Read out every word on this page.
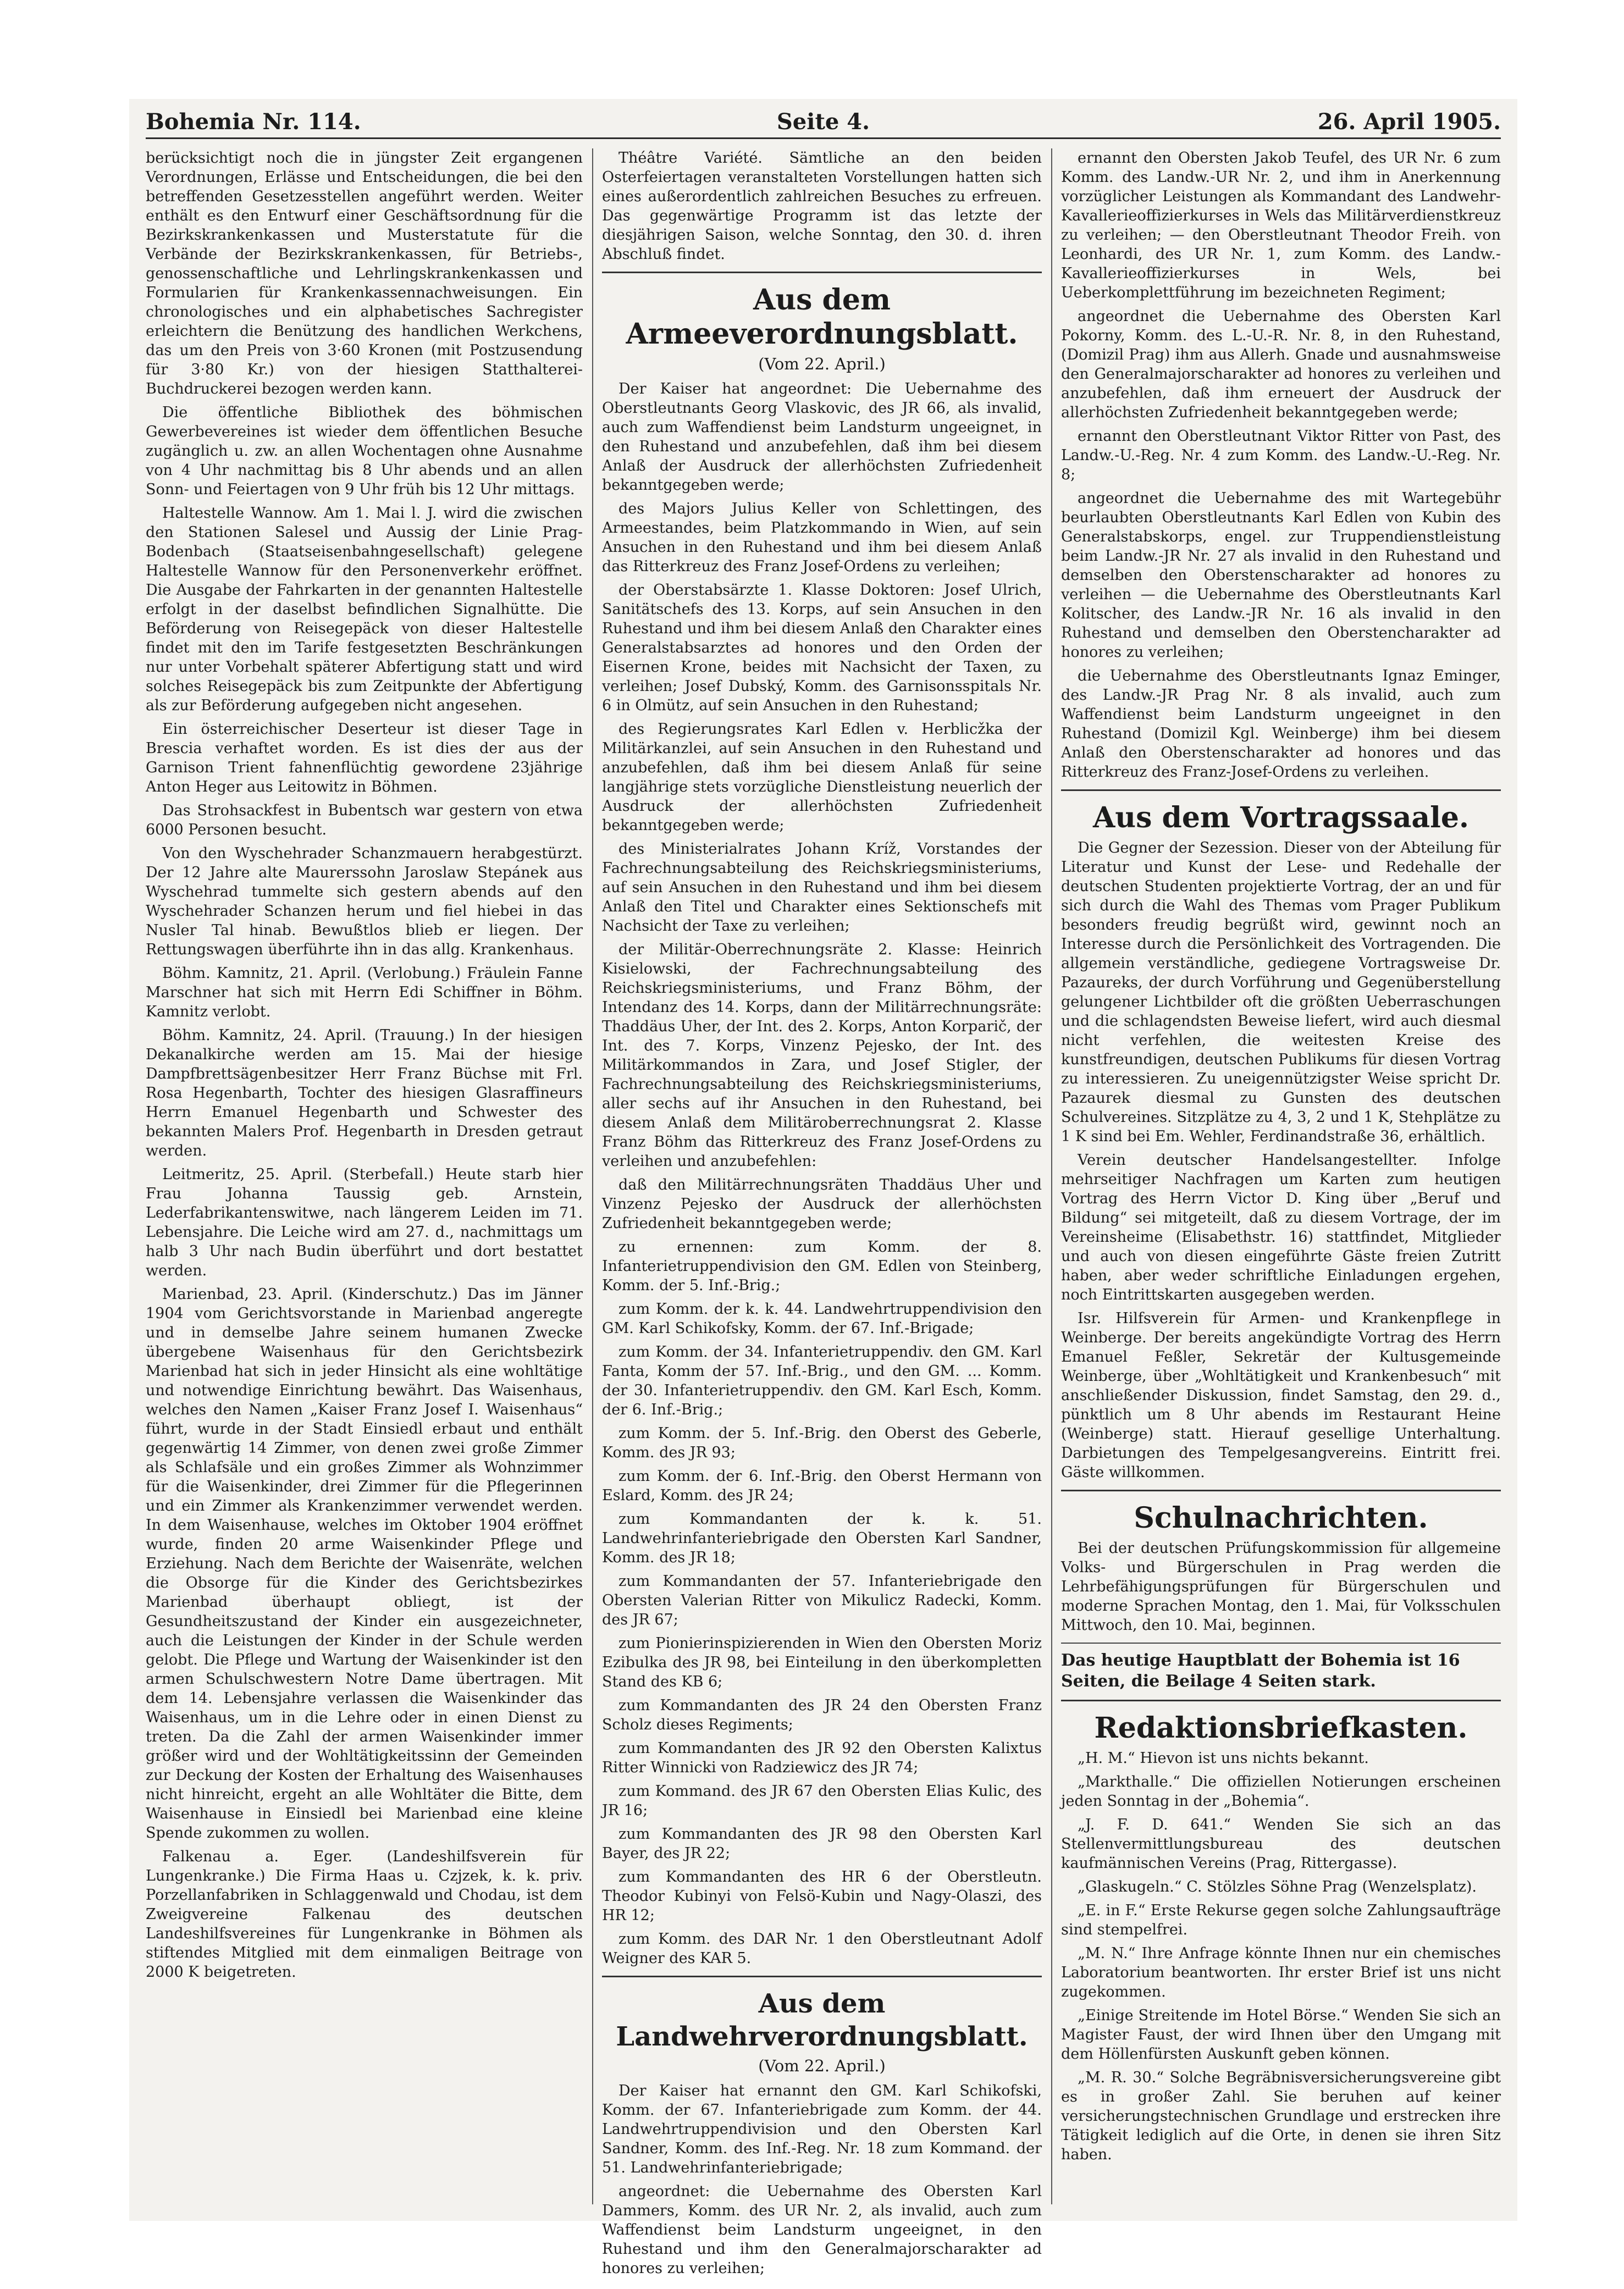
Bohemia Nr. 114.	Seite 4.	26. April 1905.

berücksichtigt noch die in jüngster Zeit ergangenen Verordnungen, Erlässe und Entscheidungen, die bei den betreffenden Gesetzesstellen angeführt werden. Weiter enthält es den Entwurf einer Geschäftsordnung für die Bezirkskrankenkassen und Musterstatute für die Verbände der Bezirkskrankenkassen, für Betriebs-, genossenschaftliche und Lehrlingskrankenkassen und Formularien für Krankenkassennachweisungen. Ein chronologisches und ein alphabetisches Sachregister erleichtern die Benützung des handlichen Werkchens, das um den Preis von 3·60 Kronen (mit Postzusendung für 3·80 Kr.) von der hiesigen Statthalterei-Buchdruckerei bezogen werden kann.

Die öffentliche Bibliothek des böhmischen Gewerbevereines ist wieder dem öffentlichen Besuche zugänglich u. zw. an allen Wochentagen ohne Ausnahme von 4 Uhr nachmittag bis 8 Uhr abends und an allen Sonn- und Feiertagen von 9 Uhr früh bis 12 Uhr mittags.

Haltestelle Wannow. Am 1. Mai l. J. wird die zwischen den Stationen Salesel und Aussig der Linie Prag-Bodenbach (Staatseisenbahngesellschaft) gelegene Haltestelle Wannow für den Personenverkehr eröffnet. Die Ausgabe der Fahrkarten in der genannten Haltestelle erfolgt in der daselbst befindlichen Signalhütte. Die Beförderung von Reisegepäck von dieser Haltestelle findet mit den im Tarife festgesetzten Beschränkungen nur unter Vorbehalt späterer Abfertigung statt und wird solches Reisegepäck bis zum Zeitpunkte der Abfertigung als zur Beförderung aufgegeben nicht angesehen.

Ein österreichischer Deserteur ist dieser Tage in Brescia verhaftet worden. Es ist dies der aus der Garnison Trient fahnenflüchtig gewordene 23jährige Anton Heger aus Leitowitz in Böhmen.

Das Strohsackfest in Bubentsch war gestern von etwa 6000 Personen besucht.

Von den Wyschehrader Schanzmauern herabgestürzt. Der 12 Jahre alte Maurerssohn Jaroslaw Stepánek aus Wyschehrad tummelte sich gestern abends auf den Wyschehrader Schanzen herum und fiel hiebei in das Nusler Tal hinab. Bewußtlos blieb er liegen. Der Rettungswagen überführte ihn in das allg. Krankenhaus.

Böhm. Kamnitz, 21. April. (Verlobung.) Fräulein Fanne Marschner hat sich mit Herrn Edi Schiffner in Böhm. Kamnitz verlobt.

Böhm. Kamnitz, 24. April. (Trauung.) In der hiesigen Dekanalkirche werden am 15. Mai der hiesige Dampfbrettsägenbesitzer Herr Franz Büchse mit Frl. Rosa Hegenbarth, Tochter des hiesigen Glasraffineurs Herrn Emanuel Hegenbarth und Schwester des bekannten Malers Prof. Hegenbarth in Dresden getraut werden.

Leitmeritz, 25. April. (Sterbefall.) Heute starb hier Frau Johanna Taussig geb. Arnstein, Lederfabrikantenswitwe, nach längerem Leiden im 71. Lebensjahre. Die Leiche wird am 27. d., nachmittags um halb 3 Uhr nach Budin überführt und dort bestattet werden.

Marienbad, 23. April. (Kinderschutz.) Das im Jänner 1904 vom Gerichtsvorstande in Marienbad angeregte und in demselbe Jahre seinem humanen Zwecke übergebene Waisenhaus für den Gerichtsbezirk Marienbad hat sich in jeder Hinsicht als eine wohltätige und notwendige Einrichtung bewährt. Das Waisenhaus, welches den Namen „Kaiser Franz Josef I. Waisenhaus“ führt, wurde in der Stadt Einsiedl erbaut und enthält gegenwärtig 14 Zimmer, von denen zwei große Zimmer als Schlafsäle und ein großes Zimmer als Wohnzimmer für die Waisenkinder, drei Zimmer für die Pflegerinnen und ein Zimmer als Krankenzimmer verwendet werden. In dem Waisenhause, welches im Oktober 1904 eröffnet wurde, finden 20 arme Waisenkinder Pflege und Erziehung. Nach dem Berichte der Waisenräte, welchen die Obsorge für die Kinder des Gerichtsbezirkes Marienbad überhaupt obliegt, ist der Gesundheitszustand der Kinder ein ausgezeichneter, auch die Leistungen der Kinder in der Schule werden gelobt. Die Pflege und Wartung der Waisenkinder ist den armen Schulschwestern Notre Dame übertragen. Mit dem 14. Lebensjahre verlassen die Waisenkinder das Waisenhaus, um in die Lehre oder in einen Dienst zu treten. Da die Zahl der armen Waisenkinder immer größer wird und der Wohltätigkeitssinn der Gemeinden zur Deckung der Kosten der Erhaltung des Waisenhauses nicht hinreicht, ergeht an alle Wohltäter die Bitte, dem Waisenhause in Einsiedl bei Marienbad eine kleine Spende zukommen zu wollen.

Falkenau a. Eger. (Landeshilfsverein für Lungenkranke.) Die Firma Haas u. Czjzek, k. k. priv. Porzellanfabriken in Schlaggenwald und Chodau, ist dem Zweigvereine Falkenau des deutschen Landeshilfsvereines für Lungenkranke in Böhmen als stiftendes Mitglied mit dem einmaligen Beitrage von 2000 K beigetreten.

Théâtre Variété. Sämtliche an den beiden Osterfeiertagen veranstalteten Vorstellungen hatten sich eines außerordentlich zahlreichen Besuches zu erfreuen. Das gegenwärtige Programm ist das letzte der diesjährigen Saison, welche Sonntag, den 30. d. ihren Abschluß findet.

Aus dem Armeeverordnungsblatt.
(Vom 22. April.)

Der Kaiser hat angeordnet: Die Uebernahme des Oberstleutnants Georg Vlaskovic, des JR 66, als invalid, auch zum Waffendienst beim Landsturm ungeeignet, in den Ruhestand und anzubefehlen, daß ihm bei diesem Anlaß der Ausdruck der allerhöchsten Zufriedenheit bekanntgegeben werde;

des Majors Julius Keller von Schlettingen, des Armeestandes, beim Platzkommando in Wien, auf sein Ansuchen in den Ruhestand und ihm bei diesem Anlaß das Ritterkreuz des Franz Josef-Ordens zu verleihen;

der Oberstabsärzte 1. Klasse Doktoren: Josef Ulrich, Sanitätschefs des 13. Korps, auf sein Ansuchen in den Ruhestand und ihm bei diesem Anlaß den Charakter eines Generalstabsarztes ad honores und den Orden der Eisernen Krone, beides mit Nachsicht der Taxen, zu verleihen; Josef Dubský, Komm. des Garnisonsspitals Nr. 6 in Olmütz, auf sein Ansuchen in den Ruhestand;

des Regierungsrates Karl Edlen v. Herblicžka der Militärkanzlei, auf sein Ansuchen in den Ruhestand und anzubefehlen, daß ihm bei diesem Anlaß für seine langjährige stets vorzügliche Dienstleistung neuerlich der Ausdruck der allerhöchsten Zufriedenheit bekanntgegeben werde;

des Ministerialrates Johann Kríž, Vorstandes der Fachrechnungsabteilung des Reichskriegsministeriums, auf sein Ansuchen in den Ruhestand und ihm bei diesem Anlaß den Titel und Charakter eines Sektionschefs mit Nachsicht der Taxe zu verleihen;

der Militär-Oberrechnungsräte 2. Klasse: Heinrich Kisielowski, der Fachrechnungsabteilung des Reichskriegsministeriums, und Franz Böhm, der Intendanz des 14. Korps, dann der Militärrechnungsräte: Thaddäus Uher, der Int. des 2. Korps, Anton Korparič, der Int. des 7. Korps, Vinzenz Pejesko, der Int. des Militärkommandos in Zara, und Josef Stigler, der Fachrechnungsabteilung des Reichskriegsministeriums, aller sechs auf ihr Ansuchen in den Ruhestand, bei diesem Anlaß dem Militäroberrechnungsrat 2. Klasse Franz Böhm das Ritterkreuz des Franz Josef-Ordens zu verleihen und anzubefehlen:

daß den Militärrechnungsräten Thaddäus Uher und Vinzenz Pejesko der Ausdruck der allerhöchsten Zufriedenheit bekanntgegeben werde;

zu ernennen: zum Komm. der 8. Infanterietruppendivision den GM. Edlen von Steinberg, Komm. der 5. Inf.-Brig.;

zum Komm. der k. k. 44. Landwehrtruppendivision den GM. Karl Schikofsky, Komm. der 67. Inf.-Brigade;

zum Komm. der 34. Infanterietruppendiv. den GM. Karl Fanta, Komm der 57. Inf.-Brig., und den GM. ... Komm. der 30. Infanterietruppendiv. den GM. Karl Esch, Komm. der 6. Inf.-Brig.;

zum Komm. der 5. Inf.-Brig. den Oberst des Geberle, Komm. des JR 93;

zum Komm. der 6. Inf.-Brig. den Oberst Hermann von Eslard, Komm. des JR 24;

zum Kommandanten der k. k. 51. Landwehrinfanteriebrigade den Obersten Karl Sandner, Komm. des JR 18;

zum Kommandanten der 57. Infanteriebrigade den Obersten Valerian Ritter von Mikulicz Radecki, Komm. des JR 67;

zum Pionierinspizierenden in Wien den Obersten Moriz Ezibulka des JR 98, bei Einteilung in den überkompletten Stand des KB 6;

zum Kommandanten des JR 24 den Obersten Franz Scholz dieses Regiments;

zum Kommandanten des JR 92 den Obersten Kalixtus Ritter Winnicki von Radziewicz des JR 74;

zum Kommand. des JR 67 den Obersten Elias Kulic, des JR 16;

zum Kommandanten des JR 98 den Obersten Karl Bayer, des JR 22;

zum Kommandanten des HR 6 der Oberstleutn. Theodor Kubinyi von Felsö-Kubin und Nagy-Olaszi, des HR 12;

zum Komm. des DAR Nr. 1 den Oberstleutnant Adolf Weigner des KAR 5.

Aus dem Landwehrverordnungsblatt.
(Vom 22. April.)

Der Kaiser hat ernannt den GM. Karl Schikofski, Komm. der 67. Infanteriebrigade zum Komm. der 44. Landwehrtruppendivision und den Obersten Karl Sandner, Komm. des Inf.-Reg. Nr. 18 zum Kommand. der 51. Landwehrinfanteriebrigade;

angeordnet: die Uebernahme des Obersten Karl Dammers, Komm. des UR Nr. 2, als invalid, auch zum Waffendienst beim Landsturm ungeeignet, in den Ruhestand und ihm den Generalmajorscharakter ad honores zu verleihen;

ernannt den Obersten Jakob Teufel, des UR Nr. 6 zum Komm. des Landw.-UR Nr. 2, und ihm in Anerkennung vorzüglicher Leistungen als Kommandant des Landwehr-Kavallerieoffizierkurses in Wels das Militärverdienstkreuz zu verleihen; — den Oberstleutnant Theodor Freih. von Leonhardi, des UR Nr. 1, zum Komm. des Landw.-Kavallerieoffizierkurses in Wels, bei Ueberkomplettführung im bezeichneten Regiment;

angeordnet die Uebernahme des Obersten Karl Pokorny, Komm. des L.-U.-R. Nr. 8, in den Ruhestand, (Domizil Prag) ihm aus Allerh. Gnade und ausnahmsweise den Generalmajorscharakter ad honores zu verleihen und anzubefehlen, daß ihm erneuert der Ausdruck der allerhöchsten Zufriedenheit bekanntgegeben werde;

ernannt den Oberstleutnant Viktor Ritter von Past, des Landw.-U.-Reg. Nr. 4 zum Komm. des Landw.-U.-Reg. Nr. 8;

angeordnet die Uebernahme des mit Wartegebühr beurlaubten Oberstleutnants Karl Edlen von Kubin des Generalstabskorps, engel. zur Truppendienstleistung beim Landw.-JR Nr. 27 als invalid in den Ruhestand und demselben den Oberstenscharakter ad honores zu verleihen — die Uebernahme des Oberstleutnants Karl Kolitscher, des Landw.-JR Nr. 16 als invalid in den Ruhestand und demselben den Oberstencharakter ad honores zu verleihen;

die Uebernahme des Oberstleutnants Ignaz Eminger, des Landw.-JR Prag Nr. 8 als invalid, auch zum Waffendienst beim Landsturm ungeeignet in den Ruhestand (Domizil Kgl. Weinberge) ihm bei diesem Anlaß den Oberstenscharakter ad honores und das Ritterkreuz des Franz-Josef-Ordens zu verleihen.

Aus dem Vortragssaale.

Die Gegner der Sezession. Dieser von der Abteilung für Literatur und Kunst der Lese- und Redehalle der deutschen Studenten projektierte Vortrag, der an und für sich durch die Wahl des Themas vom Prager Publikum besonders freudig begrüßt wird, gewinnt noch an Interesse durch die Persönlichkeit des Vortragenden. Die allgemein verständliche, gediegene Vortragsweise Dr. Pazaureks, der durch Vorführung und Gegenüberstellung gelungener Lichtbilder oft die größten Ueberraschungen und die schlagendsten Beweise liefert, wird auch diesmal nicht verfehlen, die weitesten Kreise des kunstfreundigen, deutschen Publikums für diesen Vortrag zu interessieren. Zu uneigennützigster Weise spricht Dr. Pazaurek diesmal zu Gunsten des deutschen Schulvereines. Sitzplätze zu 4, 3, 2 und 1 K, Stehplätze zu 1 K sind bei Em. Wehler, Ferdinandstraße 36, erhältlich.

Verein deutscher Handelsangestellter. Infolge mehrseitiger Nachfragen um Karten zum heutigen Vortrag des Herrn Victor D. King über „Beruf und Bildung“ sei mitgeteilt, daß zu diesem Vortrage, der im Vereinsheime (Elisabethstr. 16) stattfindet, Mitglieder und auch von diesen eingeführte Gäste freien Zutritt haben, aber weder schriftliche Einladungen ergehen, noch Eintrittskarten ausgegeben werden.

Isr. Hilfsverein für Armen- und Krankenpflege in Weinberge. Der bereits angekündigte Vortrag des Herrn Emanuel Feßler, Sekretär der Kultusgemeinde Weinberge, über „Wohltätigkeit und Krankenbesuch“ mit anschließender Diskussion, findet Samstag, den 29. d., pünktlich um 8 Uhr abends im Restaurant Heine (Weinberge) statt. Hierauf gesellige Unterhaltung. Darbietungen des Tempelgesangvereins. Eintritt frei. Gäste willkommen.

Schulnachrichten.

Bei der deutschen Prüfungskommission für allgemeine Volks- und Bürgerschulen in Prag werden die Lehrbefähigungsprüfungen für Bürgerschulen und moderne Sprachen Montag, den 1. Mai, für Volksschulen Mittwoch, den 10. Mai, beginnen.

Das heutige Hauptblatt der Bohemia ist 16 Seiten, die Beilage 4 Seiten stark.

Redaktionsbriefkasten.

„H. M.“ Hievon ist uns nichts bekannt.

„Markthalle.“ Die offiziellen Notierungen erscheinen jeden Sonntag in der „Bohemia“.

„J. F. D. 641.“ Wenden Sie sich an das Stellenvermittlungsbureau des deutschen kaufmännischen Vereins (Prag, Rittergasse).

„Glaskugeln.“ C. Stölzles Söhne Prag (Wenzelsplatz).

„E. in F.“ Erste Rekurse gegen solche Zahlungsaufträge sind stempelfrei.

„M. N.“ Ihre Anfrage könnte Ihnen nur ein chemisches Laboratorium beantworten. Ihr erster Brief ist uns nicht zugekommen.

„Einige Streitende im Hotel Börse.“ Wenden Sie sich an Magister Faust, der wird Ihnen über den Umgang mit dem Höllenfürsten Auskunft geben können.

„M. R. 30.“ Solche Begräbnisversicherungsvereine gibt es in großer Zahl. Sie beruhen auf keiner versicherungstechnischen Grundlage und erstrecken ihre Tätigkeit lediglich auf die Orte, in denen sie ihren Sitz haben.
